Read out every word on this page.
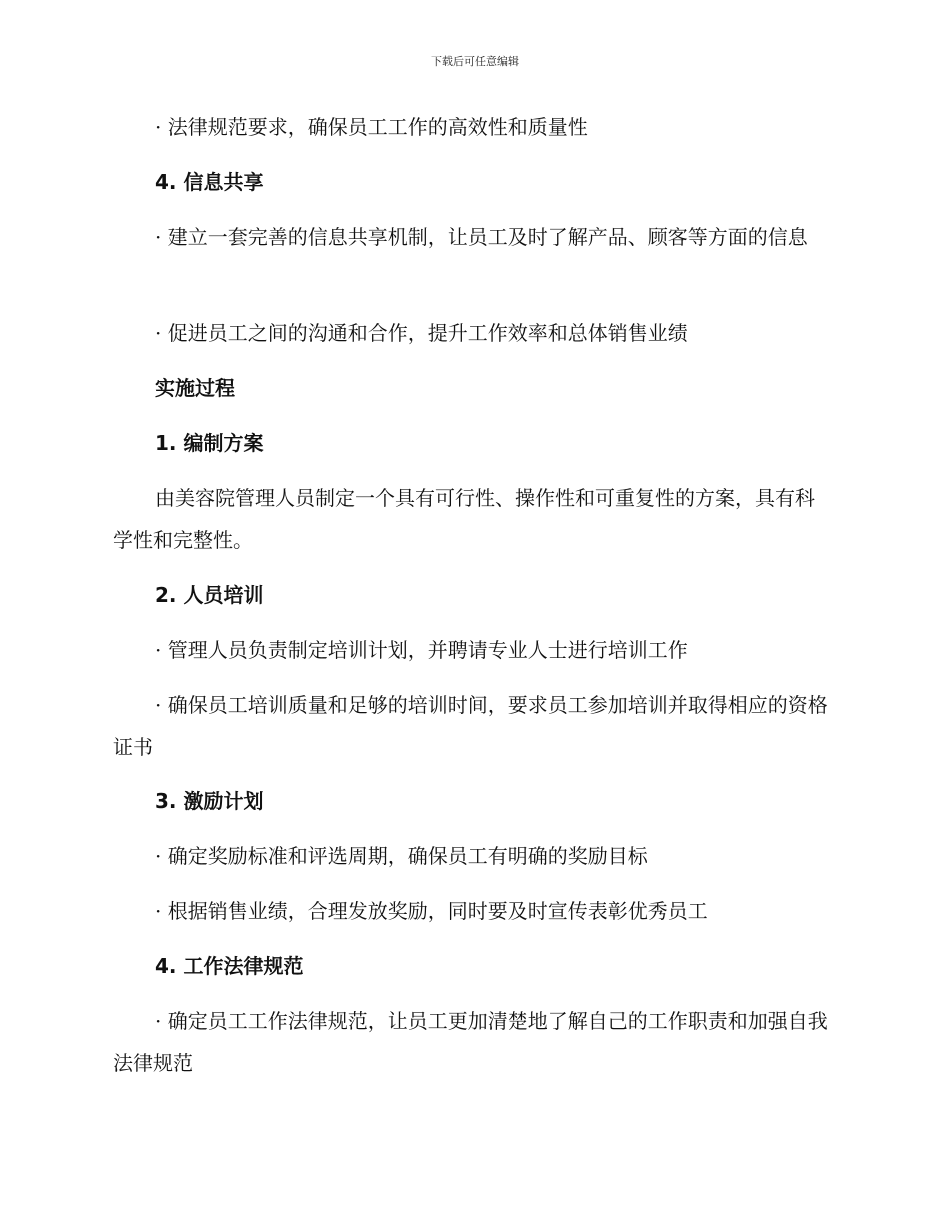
下载后可任意编辑

· 法律规范要求，确保员工工作的高效性和质量性

4. 信息共享

· 建立一套完善的信息共享机制，让员工及时了解产品、顾客等方面的信息

· 促进员工之间的沟通和合作，提升工作效率和总体销售业绩

实施过程

1. 编制方案

由美容院管理人员制定一个具有可行性、操作性和可重复性的方案，具有科学性和完整性。

2. 人员培训

· 管理人员负责制定培训计划，并聘请专业人士进行培训工作

· 确保员工培训质量和足够的培训时间，要求员工参加培训并取得相应的资格证书

3. 激励计划

· 确定奖励标准和评选周期，确保员工有明确的奖励目标

· 根据销售业绩，合理发放奖励，同时要及时宣传表彰优秀员工

4. 工作法律规范

· 确定员工工作法律规范，让员工更加清楚地了解自己的工作职责和加强自我法律规范
